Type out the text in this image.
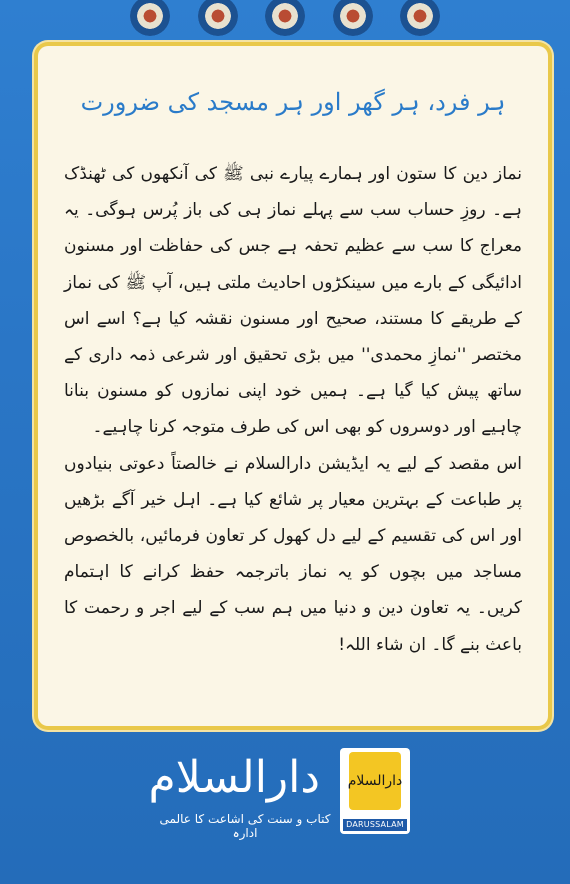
ہر فرد، ہر گھر اور ہر مسجد کی ضرورت

نماز دین کا ستون اور ہمارے پیارے نبی ﷺ کی آنکھوں کی ٹھنڈک ہے۔ روزِ حساب سب سے پہلے نماز ہی کی باز پُرس ہوگی۔ یہ معراج کا سب سے عظیم تحفہ ہے جس کی حفاظت اور مسنون ادائیگی کے بارے میں سینکڑوں احادیث ملتی ہیں، آپ ﷺ کی نماز کے طریقے کا مستند، صحیح اور مسنون نقشہ کیا ہے؟ اسے اس مختصر ''نمازِ محمدی'' میں بڑی تحقیق اور شرعی ذمہ داری کے ساتھ پیش کیا گیا ہے۔ ہمیں خود اپنی نمازوں کو مسنون بنانا چاہیے اور دوسروں کو بھی اس کی طرف متوجہ کرنا چاہیے۔

اس مقصد کے لیے یہ ایڈیشن دارالسلام نے خالصتاً دعوتی بنیادوں پر طباعت کے بہترین معیار پر شائع کیا ہے۔ اہل خیر آگے بڑھیں اور اس کی تقسیم کے لیے دل کھول کر تعاون فرمائیں، بالخصوص مساجد میں بچوں کو یہ نماز باترجمہ حفظ کرانے کا اہتمام کریں۔ یہ تعاون دین و دنیا میں ہم سب کے لیے اجر و رحمت کا باعث بنے گا۔ ان شاء اللہ!

دارالسلام
کتاب و سنت کی اشاعت کا عالمی ادارہ
دارالسلام
DARUSSALAM
